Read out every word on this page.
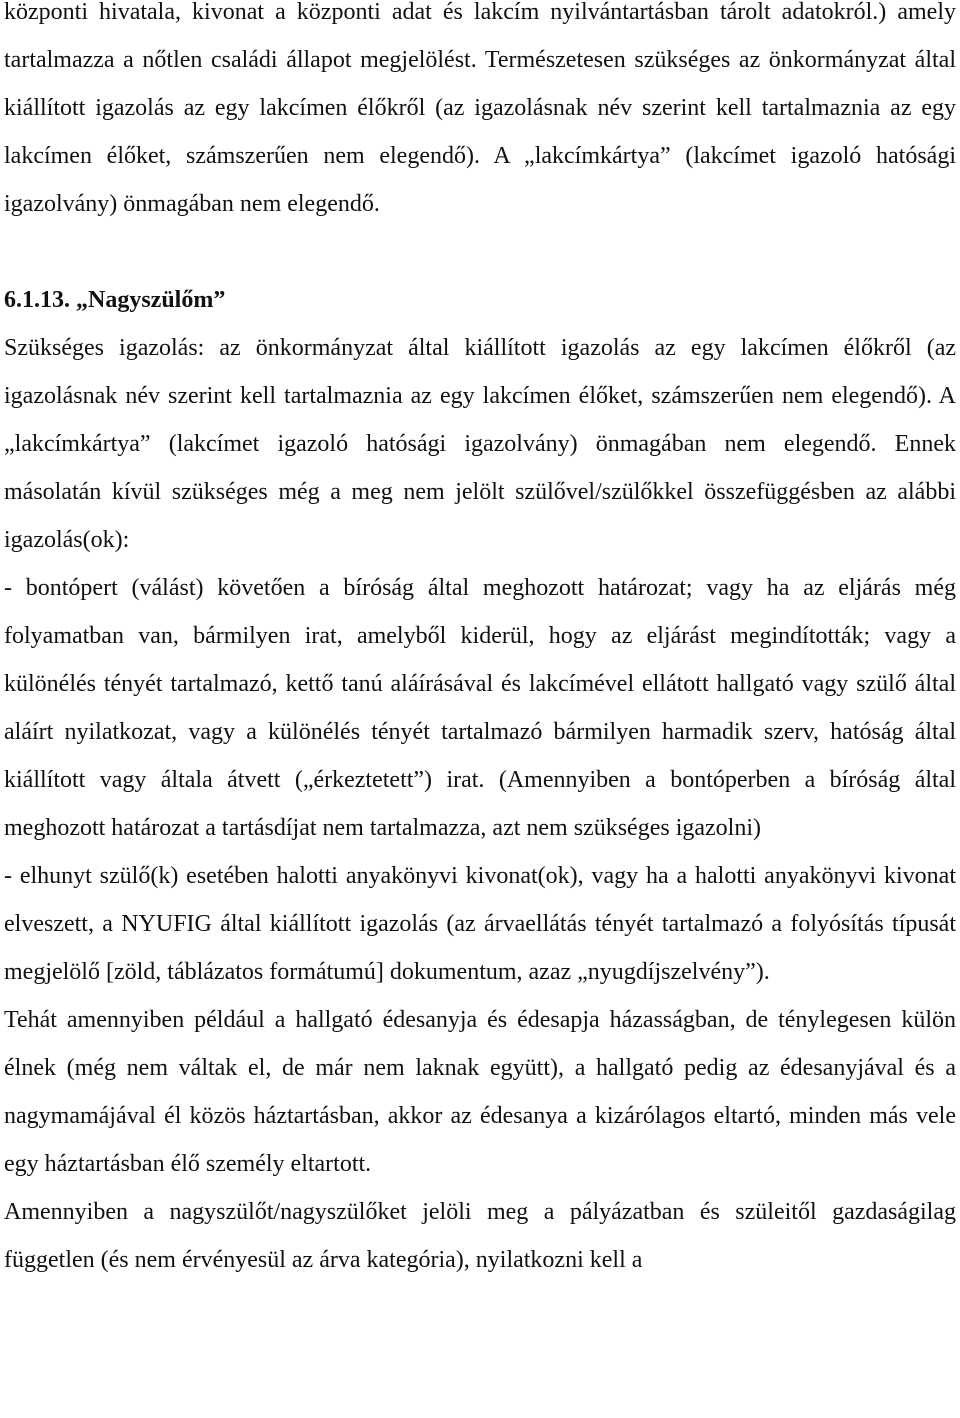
központi hivatala, kivonat a központi adat és lakcím nyilvántartásban tárolt adatokról.) amely tartalmazza a nőtlen családi állapot megjelölést. Természetesen szükséges az önkormányzat által kiállított igazolás az egy lakcímen élőkről (az igazolásnak név szerint kell tartalmaznia az egy lakcímen élőket, számszerűen nem elegendő). A „lakcímkártya” (lakcímet igazoló hatósági igazolvány) önmagában nem elegendő.

6.1.13. „Nagyszülőm”

Szükséges igazolás: az önkormányzat által kiállított igazolás az egy lakcímen élőkről (az igazolásnak név szerint kell tartalmaznia az egy lakcímen élőket, számszerűen nem elegendő). A „lakcímkártya” (lakcímet igazoló hatósági igazolvány) önmagában nem elegendő. Ennek másolatán kívül szükséges még a meg nem jelölt szülővel/szülőkkel összefüggésben az alábbi igazolás(ok):

- bontópert (válást) követően a bíróság által meghozott határozat; vagy ha az eljárás még folyamatban van, bármilyen irat, amelyből kiderül, hogy az eljárást megindították; vagy a különélés tényét tartalmazó, kettő tanú aláírásával és lakcímével ellátott hallgató vagy szülő által aláírt nyilatkozat, vagy a különélés tényét tartalmazó bármilyen harmadik szerv, hatóság által kiállított vagy általa átvett („érkeztetett”) irat. (Amennyiben a bontóperben a bíróság által meghozott határozat a tartásdíjat nem tartalmazza, azt nem szükséges igazolni)

- elhunyt szülő(k) esetében halotti anyakönyvi kivonat(ok), vagy ha a halotti anyakönyvi kivonat elveszett, a NYUFIG által kiállított igazolás (az árvaellátás tényét tartalmazó a folyósítás típusát megjelölő [zöld, táblázatos formátumú] dokumentum, azaz „nyugdíjszelvény”).

Tehát amennyiben például a hallgató édesanyja és édesapja házasságban, de ténylegesen külön élnek (még nem váltak el, de már nem laknak együtt), a hallgató pedig az édesanyjával és a nagymamájával él közös háztartásban, akkor az édesanya a kizárólagos eltartó, minden más vele egy háztartásban élő személy eltartott.

Amennyiben a nagyszülőt/nagyszülőket jelöli meg a pályázatban és szüleitől gazdaságilag független (és nem érvényesül az árva kategória), nyilatkozni kell a
